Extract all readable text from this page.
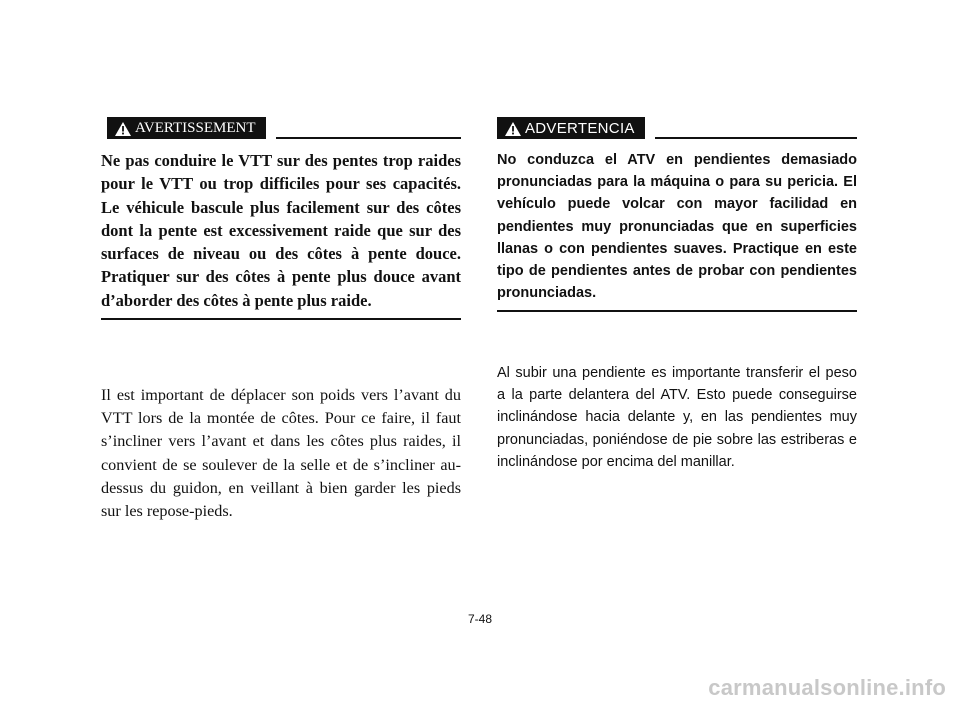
AVERTISSEMENT

Ne pas conduire le VTT sur des pentes trop raides pour le VTT ou trop difficiles pour ses capacités. Le véhicule bascule plus facilement sur des côtes dont la pente est excessivement raide que sur des surfaces de niveau ou des côtes à pente douce. Pratiquer sur des côtes à pente plus douce avant d’aborder des côtes à pente plus raide.

Il est important de déplacer son poids vers l’avant du VTT lors de la montée de côtes. Pour ce faire, il faut s’incliner vers l’avant et dans les côtes plus raides, il convient de se soulever de la selle et de s’incliner au-dessus du guidon, en veillant à bien garder les pieds sur les repose-pieds.

ADVERTENCIA

No conduzca el ATV en pendientes demasiado pronunciadas para la máquina o para su pericia. El vehículo puede volcar con mayor facilidad en pendientes muy pronunciadas que en superficies llanas o con pendientes suaves. Practique en este tipo de pendientes antes de probar con pendientes pronunciadas.

Al subir una pendiente es importante transferir el peso a la parte delantera del ATV. Esto puede conseguirse inclinándose hacia delante y, en las pendientes muy pronunciadas, poniéndose de pie sobre las estriberas e inclinándose por encima del manillar.

7-48
carmanualsonline.info
